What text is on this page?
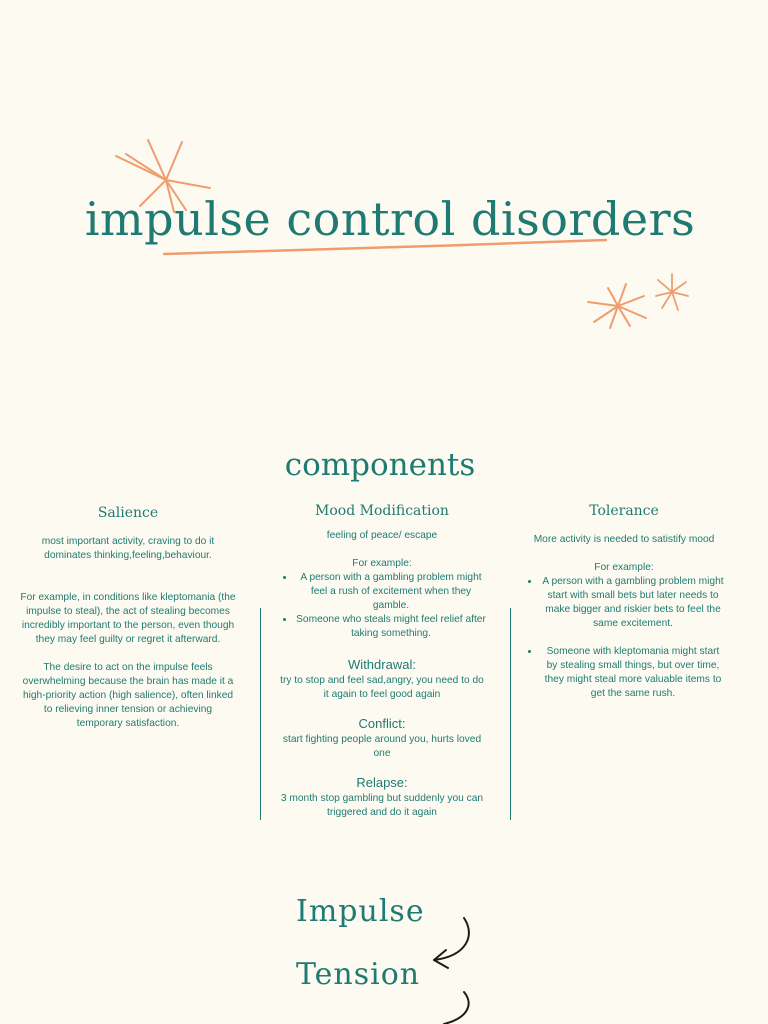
impulse control disorders
components
Salience

most important activity, craving to do it dominates thinking,feeling,behaviour.

For example, in conditions like kleptomania (the impulse to steal), the act of stealing becomes incredibly important to the person, even though they may feel guilty or regret it afterward.

The desire to act on the impulse feels overwhelming because the brain has made it a high-priority action (high salience), often linked to relieving inner tension or achieving temporary satisfaction.

Mood Modification

feeling of peace/ escape

For example:

• A person with a gambling problem might feel a rush of excitement when they gamble.
• Someone who steals might feel relief after taking something.
Withdrawal:
try to stop and feel sad,angry, you need to do it again to feel good again
Conflict:
start fighting people around you, hurts loved one
Relapse:
3 month stop gambling but suddenly you can triggered and do it again
Tolerance

More activity is needed to satistify mood

For example:

• A person with a gambling problem might start with small bets but later needs to make bigger and riskier bets to feel the same excitement.
• Someone with kleptomania might start by stealing small things, but over time, they might steal more valuable items to get the same rush.
Impulse
Tension
